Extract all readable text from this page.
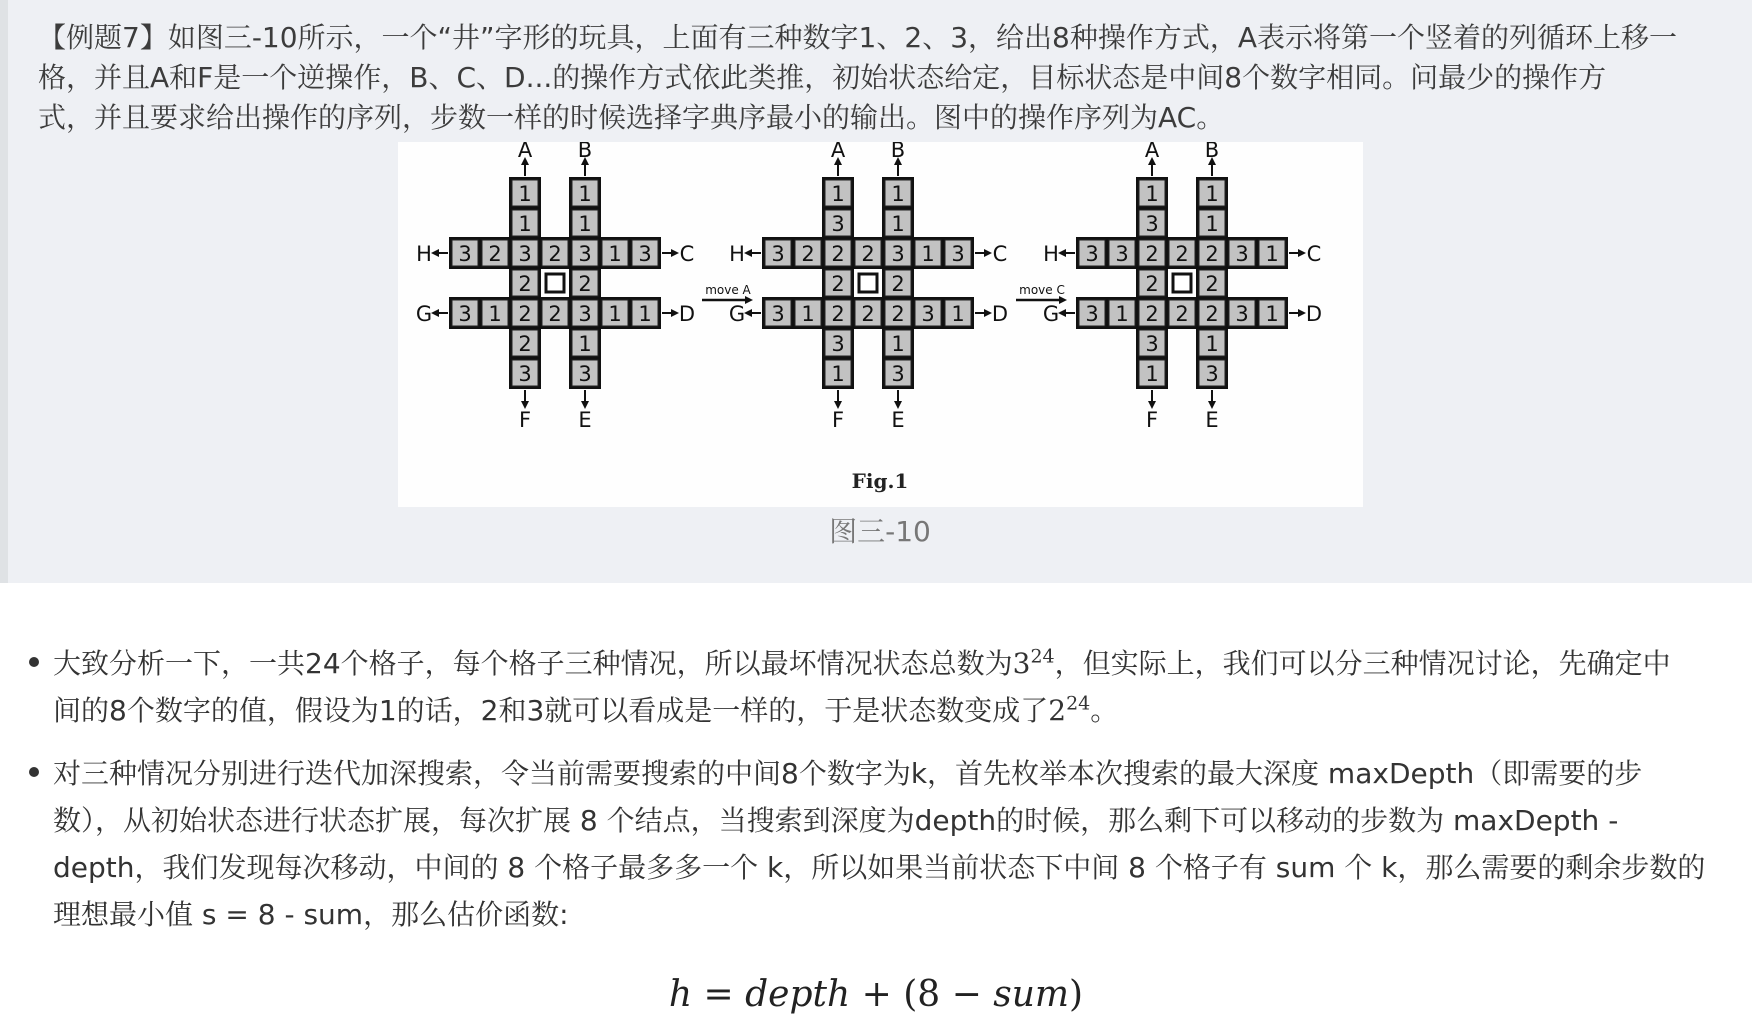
【例题7】如图三-10所示，一个“井”字形的玩具，上面有三种数字1、2、3，给出8种操作方式，A表示将第一个竖着的列循环上移一
格，并且A和F是一个逆操作，B、C、D...的操作方式依此类推，初始状态给定，目标状态是中间8个数字相同。问最少的操作方
式，并且要求给出操作的序列，步数一样的时候选择字典序最小的输出。图中的操作序列为AC。

1 1
3
3
1 1
2
1
3 3
2
2 2
2
2 3
2 1
1
1
3 3
3
1
A B
F E
C
D
H
G
1 1
3
3
3 1
2
1
2 3
2
2 2
2
2 2
3 1
1
3
1 3
3
1
A B
F E
C
D
H
G
1 1
3
3
3 1
3
1
2 2
2
2 2
2
2 2
3 1
3
3
1 3
1
1
A B
F E
C
D
H
G
move A	move C
Fig.1
图三-10

大致分析一下，一共24个格子，每个格子三种情况，所以最坏情况状态总数为$3^{24}$，但实际上，我们可以分三种情况讨论，先确定中
间的8个数字的值，假设为1的话，2和3就可以看成是一样的，于是状态数变成了$2^{24}$。

对三种情况分别进行迭代加深搜索，令当前需要搜索的中间8个数字为k，首先枚举本次搜索的最大深度 maxDepth（即需要的步
数），从初始状态进行状态扩展，每次扩展 8 个结点，当搜索到深度为depth的时候，那么剩下可以移动的步数为 maxDepth -
depth，我们发现每次移动，中间的 8 个格子最多多一个 k，所以如果当前状态下中间 8 个格子有 sum 个 k，那么需要的剩余步数的
理想最小值 s = 8 - sum，那么估价函数:

h = depth + (8 − sum)
